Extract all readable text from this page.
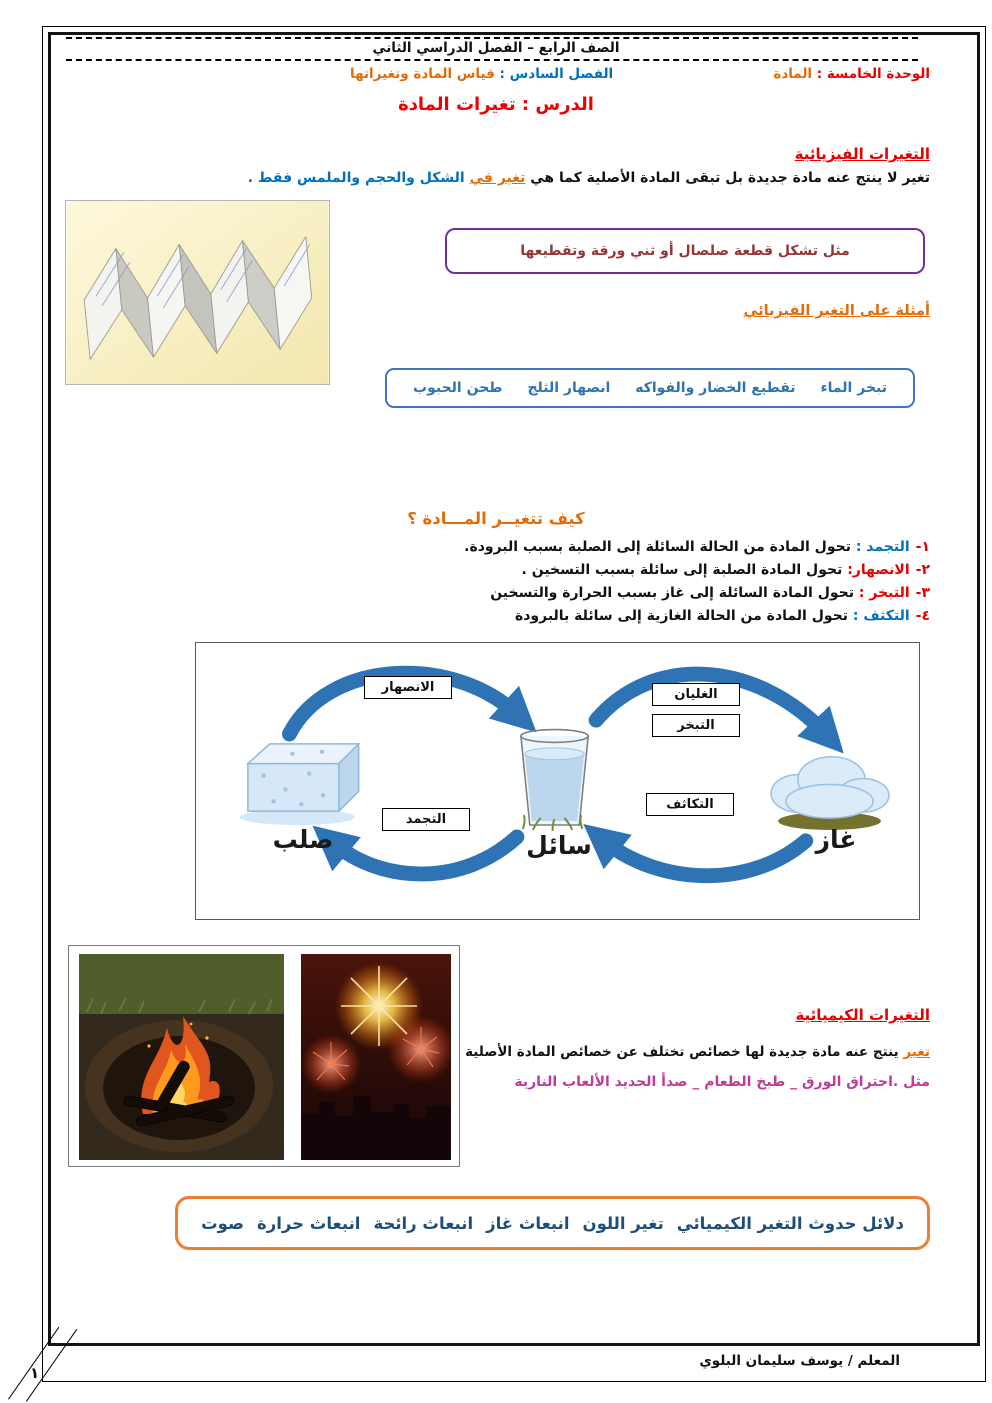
الصف الرابع – الفصل الدراسي الثاني
الوحدة الخامسة : المادة
الفصل السادس : قياس المادة وتغيراتها
الدرس : تغيرات المادة
التغيرات الفيزيائية
تغير لا ينتج عنه مادة جديدة بل تبقى المادة الأصلية كما هي تغير في الشكل والحجم والملمس فقط .
مثل تشكل قطعة صلصال أو ثني ورقة وتقطيعها
أمثلة على التغير الفيزيائي
تبخر الماء
تقطيع الخضار والفواكه
انصهار الثلج
طحن الحبوب
كيف تتغيــر المـــادة ؟
١-التجمد : تحول المادة من الحالة السائلة إلى الصلبة بسبب البرودة.
٢-الانصهار: تحول المادة الصلبة إلى سائلة بسبب التسخين .
٣-التبخر : تحول المادة السائلة إلى غاز بسبب الحرارة والتسخين
٤-التكثف : تحول المادة من الحالة الغازية إلى سائلة بالبرودة
الانصهار	الغليان
التبخر
التجمد
التكاثف
صلب	سائل	غاز
التغيرات الكيميائية
تغير ينتج عنه مادة جديدة لها خصائص تختلف عن خصائص المادة الأصلية
مثل .احتراق الورق _ طبخ الطعام _ صدأ الحديد الألعاب النارية
دلائل حدوث التغير الكيميائي
تغير اللون
انبعاث غاز
انبعاث رائحة
انبعاث حرارة
صوت
المعلم / يوسف سليمان البلوي
١
